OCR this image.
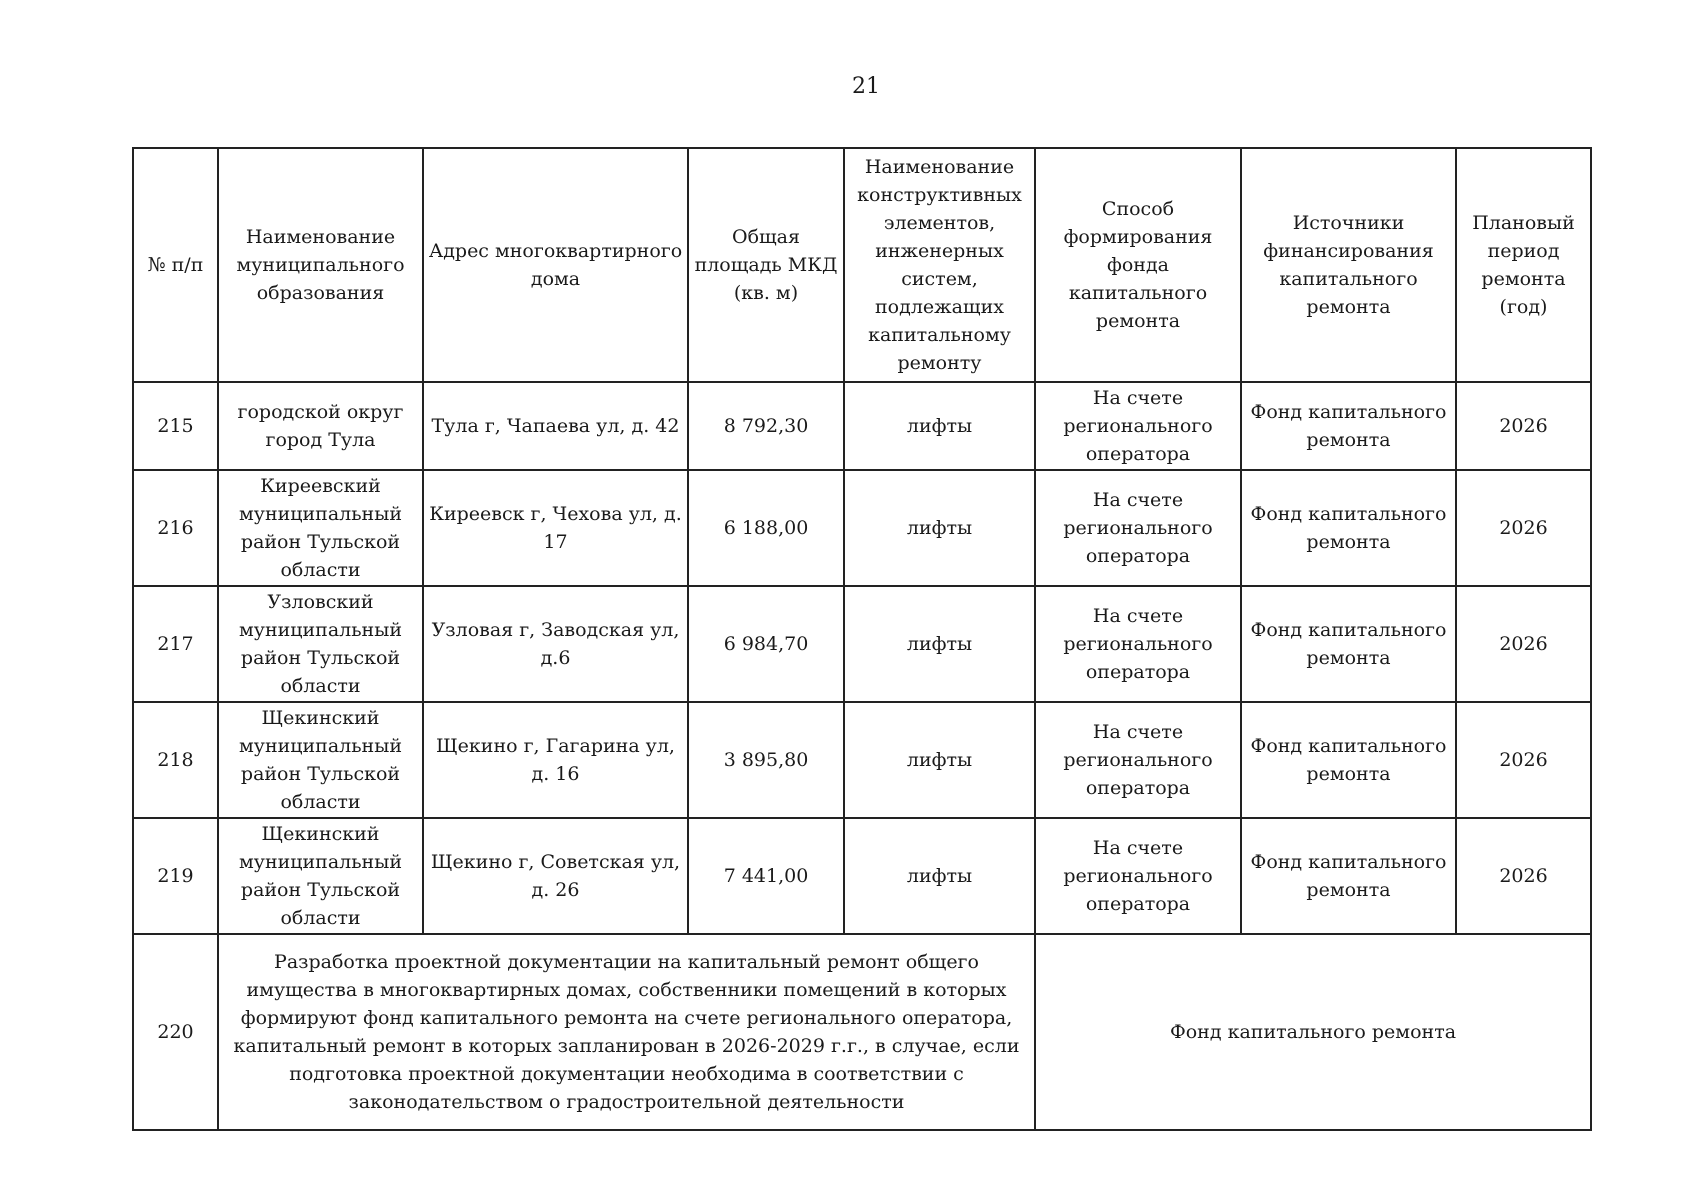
21
№ п/п	Наименование муниципального образования	Адрес многоквартирного дома	Общая площадь МКД (кв. м)	Наименование конструктивных элементов, инженерных систем, подлежащих капитальному ремонту	Способ формирования фонда капитального ремонта	Источники финансирования капитального ремонта	Плановый период ремонта (год)
215	городской округ город Тула	Тула г, Чапаева ул, д. 42	8 792,30	лифты	На счете регионального оператора	Фонд капитального ремонта	2026
216	Киреевский муниципальный район Тульской области	Киреевск г, Чехова ул, д. 17	6 188,00	лифты	На счете регионального оператора	Фонд капитального ремонта	2026
217	Узловский муниципальный район Тульской области	Узловая г, Заводская ул, д.6	6 984,70	лифты	На счете регионального оператора	Фонд капитального ремонта	2026
218	Щекинский муниципальный район Тульской области	Щекино г, Гагарина ул, д. 16	3 895,80	лифты	На счете регионального оператора	Фонд капитального ремонта	2026
219	Щекинский муниципальный район Тульской области	Щекино г, Советская ул, д. 26	7 441,00	лифты	На счете регионального оператора	Фонд капитального ремонта	2026
220	Разработка проектной документации на капитальный ремонт общего имущества в многоквартирных домах, собственники помещений в которых формируют фонд капитального ремонта на счете регионального оператора, капитальный ремонт в которых запланирован в 2026-2029 г.г., в случае, если подготовка проектной документации необходима в соответствии с законодательством о градостроительной деятельности				Фонд капитального ремонта		
